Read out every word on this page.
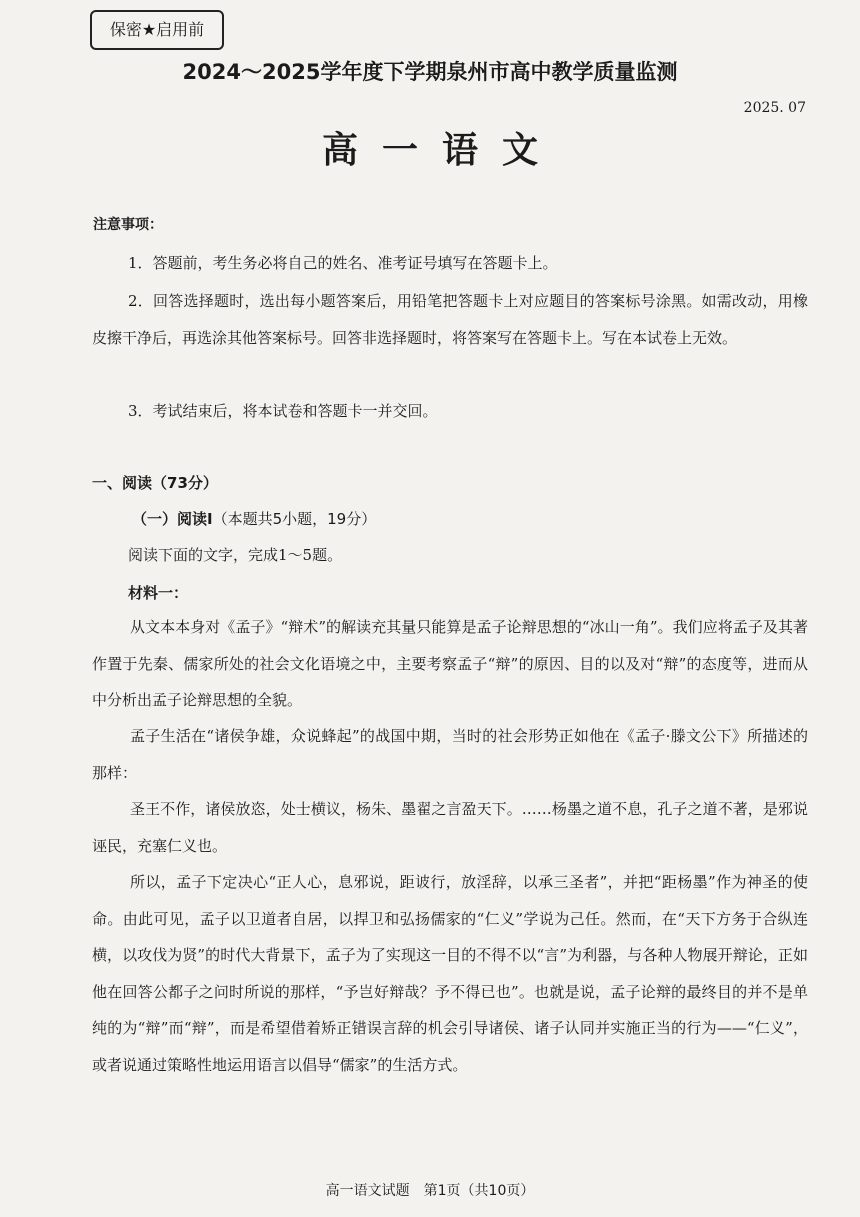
保密★启用前
2024～2025学年度下学期泉州市高中教学质量监测
2025. 07
高一语文
注意事项：

1．答题前，考生务必将自己的姓名、准考证号填写在答题卡上。

2．回答选择题时，选出每小题答案后，用铅笔把答题卡上对应题目的答案标号涂黑。如需改动，用橡皮擦干净后，再选涂其他答案标号。回答非选择题时，将答案写在答题卡上。写在本试卷上无效。

3．考试结束后，将本试卷和答题卡一并交回。

一、阅读（73分）
（一）阅读Ⅰ（本题共5小题，19分）
阅读下面的文字，完成1～5题。
材料一：

从文本本身对《孟子》“辩术”的解读充其量只能算是孟子论辩思想的“冰山一角”。我们应将孟子及其著作置于先秦、儒家所处的社会文化语境之中，主要考察孟子“辩”的原因、目的以及对“辩”的态度等，进而从中分析出孟子论辩思想的全貌。

孟子生活在“诸侯争雄，众说蜂起”的战国中期，当时的社会形势正如他在《孟子·滕文公下》所描述的那样：

圣王不作，诸侯放恣，处士横议，杨朱、墨翟之言盈天下。……杨墨之道不息，孔子之道不著，是邪说诬民，充塞仁义也。

所以，孟子下定决心“正人心，息邪说，距诐行，放淫辞，以承三圣者”，并把“距杨墨”作为神圣的使命。由此可见，孟子以卫道者自居，以捍卫和弘扬儒家的“仁义”学说为己任。然而，在“天下方务于合纵连横，以攻伐为贤”的时代大背景下，孟子为了实现这一目的不得不以“言”为利器，与各种人物展开辩论，正如他在回答公都子之问时所说的那样，“予岂好辩哉？予不得已也”。也就是说，孟子论辩的最终目的并不是单纯的为“辩”而“辩”，而是希望借着矫正错误言辞的机会引导诸侯、诸子认同并实施正当的行为——“仁义”，或者说通过策略性地运用语言以倡导“儒家”的生活方式。

高一语文试题　第1页（共10页）
